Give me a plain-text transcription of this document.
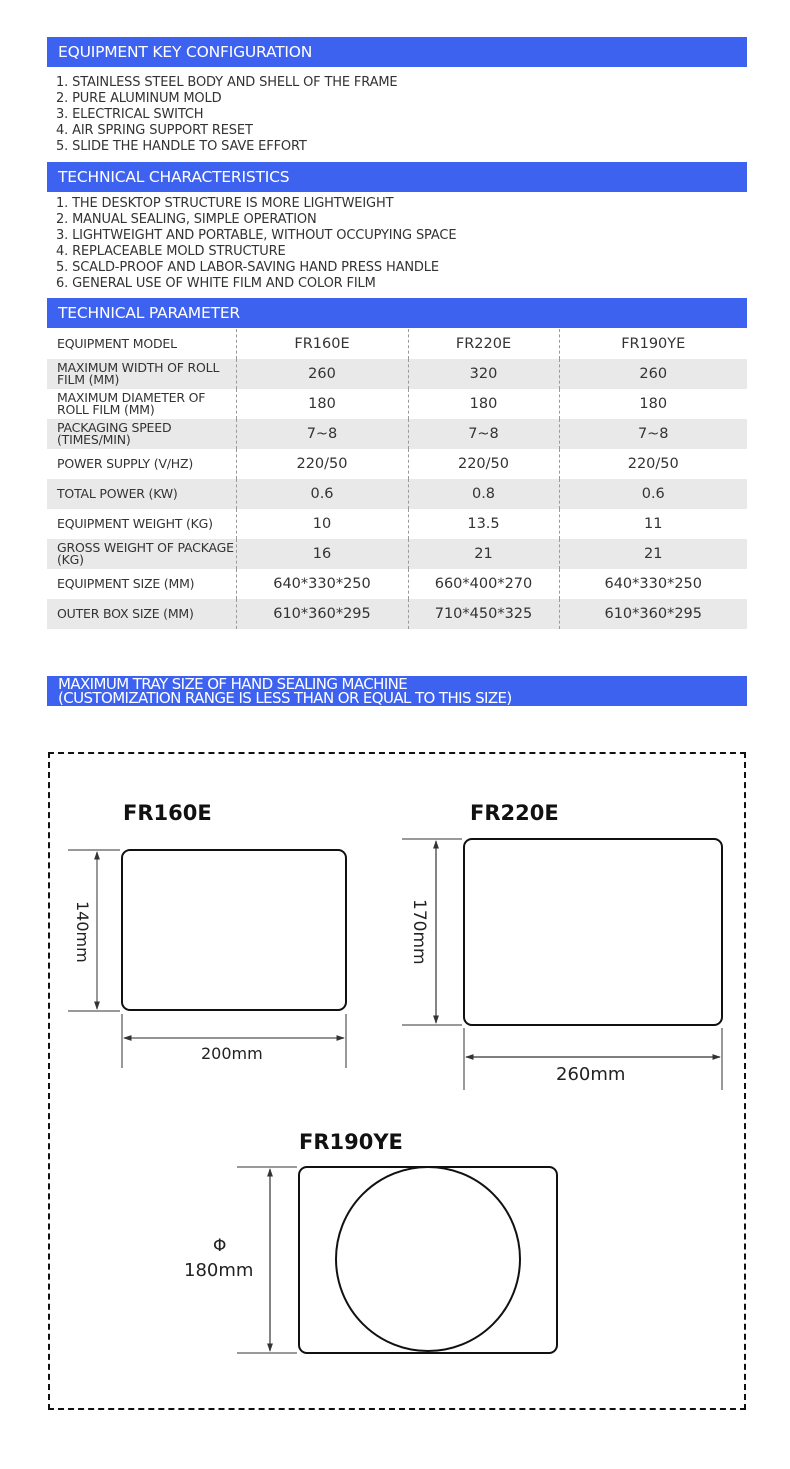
EQUIPMENT KEY CONFIGURATION
1. STAINLESS STEEL BODY AND SHELL OF THE FRAME
2. PURE ALUMINUM MOLD
3. ELECTRICAL SWITCH
4. AIR SPRING SUPPORT RESET
5. SLIDE THE HANDLE TO SAVE EFFORT
TECHNICAL CHARACTERISTICS
1. THE DESKTOP STRUCTURE IS MORE LIGHTWEIGHT
2. MANUAL SEALING, SIMPLE OPERATION
3. LIGHTWEIGHT AND PORTABLE, WITHOUT OCCUPYING SPACE
4. REPLACEABLE MOLD STRUCTURE
5. SCALD-PROOF AND LABOR-SAVING HAND PRESS HANDLE
6. GENERAL USE OF WHITE FILM AND COLOR FILM
TECHNICAL PARAMETER
EQUIPMENT MODEL	FR160E	FR220E	FR190YE
MAXIMUM WIDTH OF ROLL FILM (MM)	260	320	260
MAXIMUM DIAMETER OF ROLL FILM (MM)	180	180	180
PACKAGING SPEED (TIMES/MIN)	7~8	7~8	7~8
POWER SUPPLY (V/HZ)	220/50	220/50	220/50
TOTAL POWER (KW)	0.6	0.8	0.6
EQUIPMENT WEIGHT (KG)	10	13.5	11
GROSS WEIGHT OF PACKAGE (KG)	16	21	21
EQUIPMENT SIZE (MM)	640*330*250	660*400*270	640*330*250
OUTER BOX SIZE (MM)	610*360*295	710*450*325	610*360*295
MAXIMUM TRAY SIZE OF HAND SEALING MACHINE
(CUSTOMIZATION RANGE IS LESS THAN OR EQUAL TO THIS SIZE)
FR160E
140mm
200mm
FR220E
170mm
260mm
FR190YE
Φ
180mm
